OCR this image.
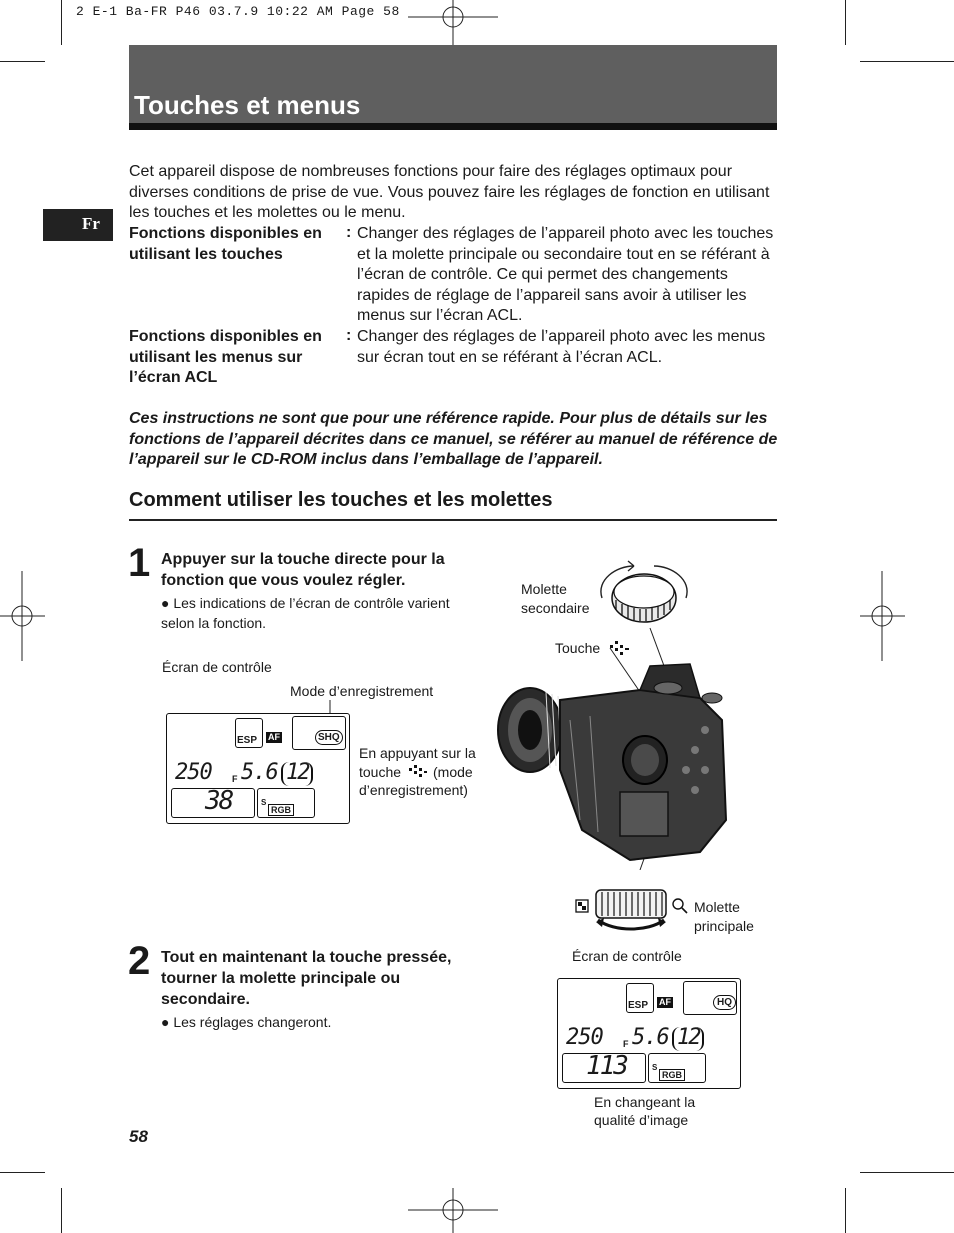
2 E-1 Ba-FR P46 03.7.9 10:22 AM Page 58
Touches et menus
Fr
Cet appareil dispose de nombreuses fonctions pour faire des réglages optimaux pour diverses conditions de prise de vue. Vous pouvez faire les réglages de fonction en utilisant les touches et les molettes ou le menu.
Fonctions disponibles en utilisant les touches
: Changer des réglages de l’appareil photo avec les touches et la molette principale ou secondaire tout en se référant à l’écran de contrôle. Ce qui permet des changements rapides de réglage de l’appareil sans avoir à utiliser les menus sur l’écran ACL.
Fonctions disponibles en utilisant les menus sur l’écran ACL
: Changer des réglages de l’appareil photo avec les menus sur écran tout en se référant à l’écran ACL.
Ces instructions ne sont que pour une référence rapide. Pour plus de détails sur les fonctions de l’appareil décrites dans ce manuel, se référer au manuel de référence de l’appareil sur le CD-ROM inclus dans l’emballage de l’appareil.
Comment utiliser les touches et les molettes
1 Appuyer sur la touche directe pour la fonction que vous voulez régler.
● Les indications de l’écran de contrôle varient selon la fonction.
2 Tout en maintenant la touche pressée, tourner la molette principale ou secondaire.
● Les réglages changeront.
Écran de contrôle
Mode d’enregistrement
En appuyant sur la
touche (mode
d’enregistrement)
Molette
secondaire
Touche
Molette
principale
Écran de contrôle
En changeant la
qualité d’image
ESP AF	SHQ
250 F 5.6 12
38	S
RGB
ESP AF	HQ
250 F 5.6 12
113	S
RGB
58
